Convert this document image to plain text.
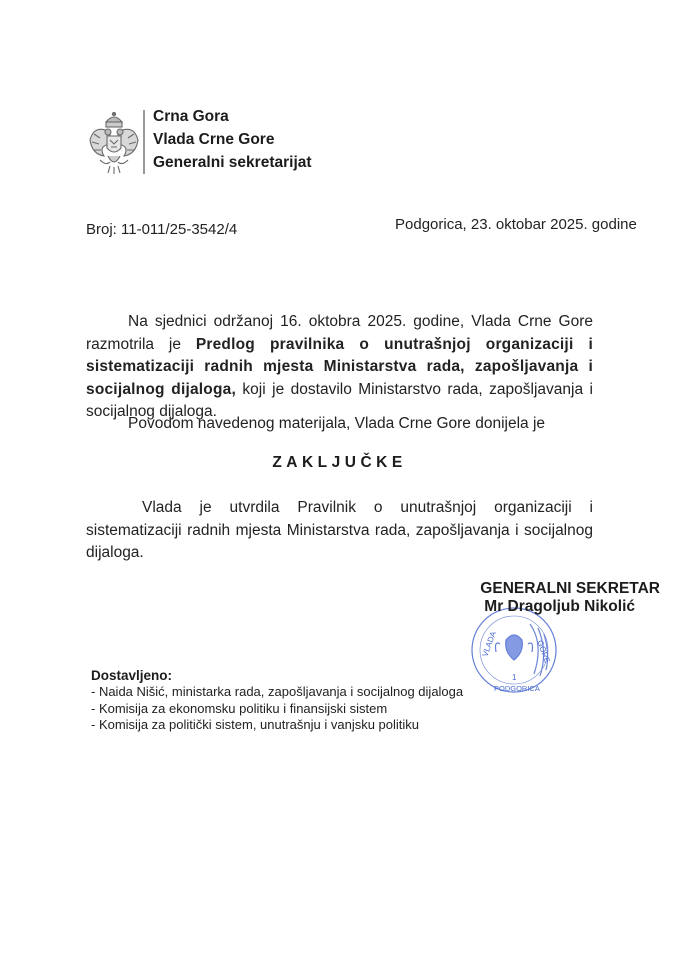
Crna Gora
Vlada Crne Gore
Generalni sekretarijat
Broj: 11-011/25-3542/4	Podgorica, 23. oktobar 2025. godine
Na sjednici održanoj 16. oktobra 2025. godine, Vlada Crne Gore razmotrila je Predlog pravilnika o unutrašnjoj organizaciji i sistematizaciji radnih mjesta Ministarstva rada, zapošljavanja i socijalnog dijaloga, koji je dostavilo Ministarstvo rada, zapošljavanja i socijalnog dijaloga.
Povodom navedenog materijala, Vlada Crne Gore donijela je
ZAKLJUČKE
Vlada je utvrdila Pravilnik o unutrašnjoj organizaciji i sistematizaciji radnih mjesta Ministarstva rada, zapošljavanja i socijalnog dijaloga.
VLADA	GORE
1
PODGORICA
GENERALNI SEKRETAR
Mr Dragoljub Nikolić
Dostavljeno:
- Naida Nišić, ministarka rada, zapošljavanja i socijalnog dijaloga
- Komisija za ekonomsku politiku i finansijski sistem
- Komisija za politički sistem, unutrašnju i vanjsku politiku
